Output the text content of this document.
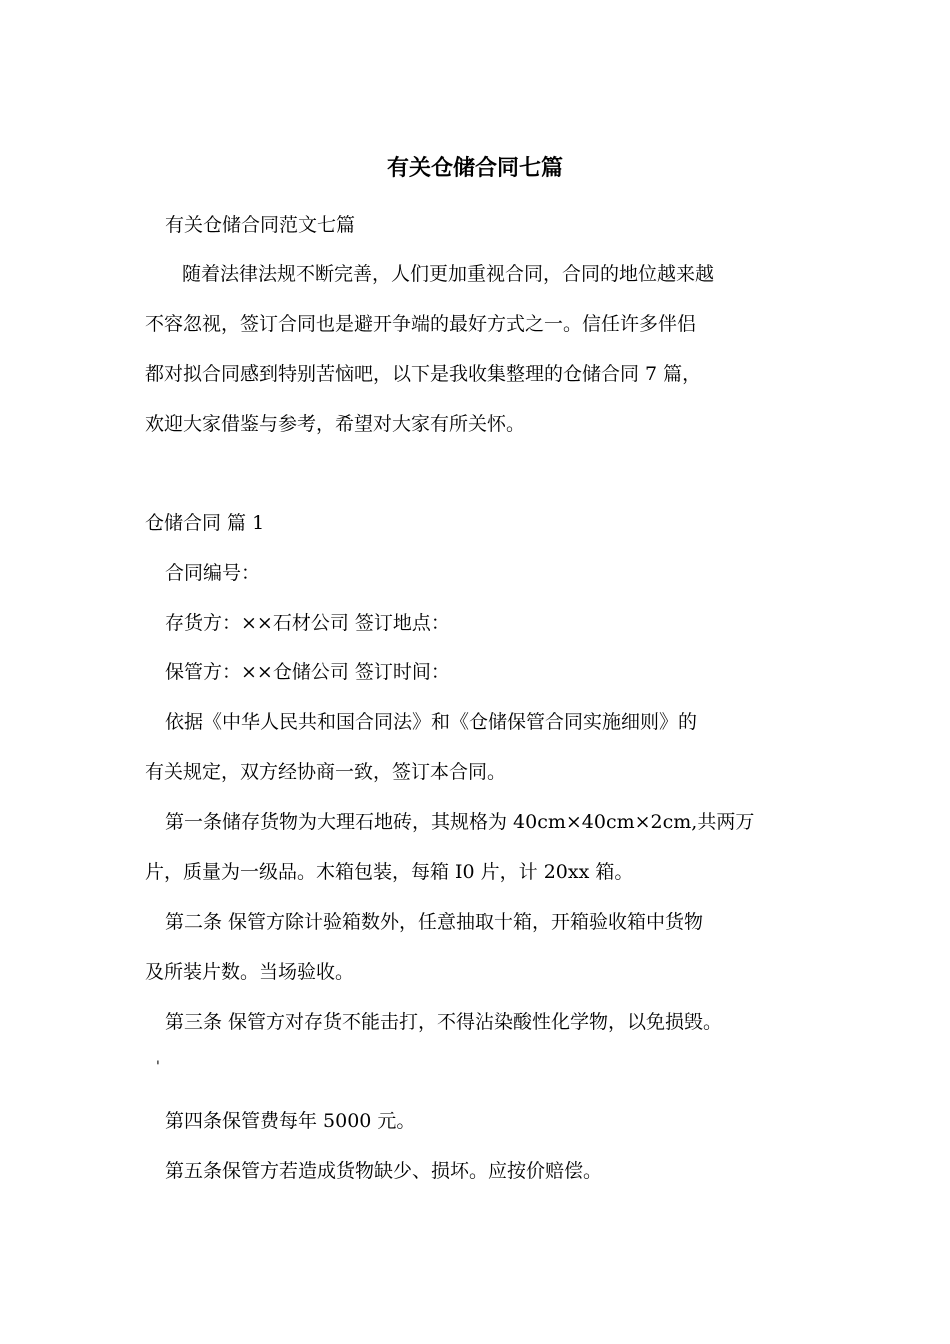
有关仓储合同七篇
有关仓储合同范文七篇
随着法律法规不断完善，人们更加重视合同，合同的地位越来越
不容忽视，签订合同也是避开争端的最好方式之一。信任许多伴侣
都对拟合同感到特别苦恼吧，以下是我收集整理的仓储合同 7 篇，
欢迎大家借鉴与参考，希望对大家有所关怀。
仓储合同 篇 1
合同编号：
存货方：××石材公司 签订地点：
保管方：××仓储公司 签订时间：
依据《中华人民共和国合同法》和《仓储保管合同实施细则》的
有关规定，双方经协商一致，签订本合同。
第一条储存货物为大理石地砖，其规格为 40cm×40cm×2cm,共两万
片，质量为一级品。木箱包装，每箱 I0 片，计 20xx 箱。
第二条 保管方除计验箱数外，任意抽取十箱，开箱验收箱中货物
及所装片数。当场验收。
第三条 保管方对存货不能击打，不得沾染酸性化学物，以免损毁。
'
第四条保管费每年 5000 元。
第五条保管方若造成货物缺少、损坏。应按价赔偿。
